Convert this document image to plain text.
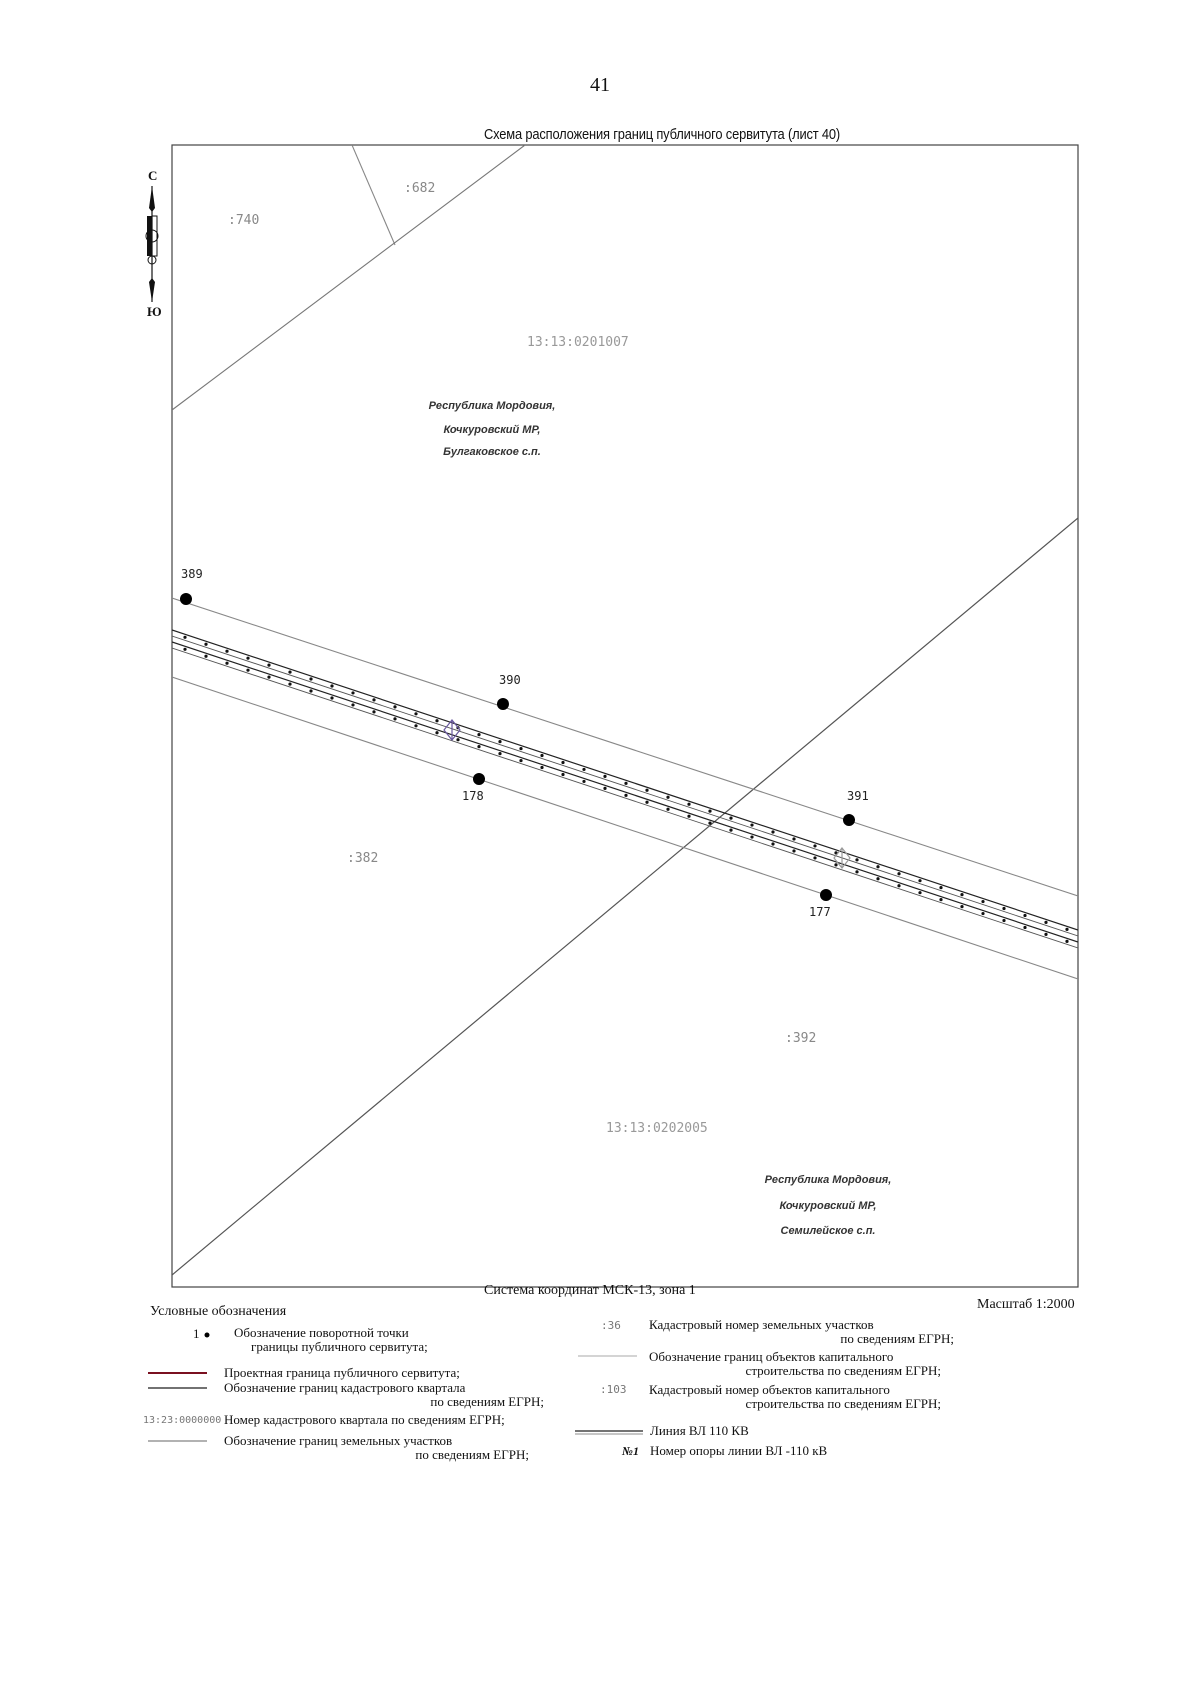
41
Схема расположения границ публичного сервитута (лист 40)
389
390
391
178
177
:740
:682
:382
:392
13:13:0201007
13:13:0202005
Республика Мордовия,
Кочкуровский МР,
Булгаковское с.п.
Республика Мордовия,
Кочкуровский МР,
Семилейское с.п.
С
Ю
Система координат МСК-13, зона 1
Масштаб 1:2000
Условные обозначения
1	Обозначение поворотной точки
границы публичного сервитута;
Проектная граница публичного сервитута;
Обозначение границ кадастрового квартала
по сведениям ЕГРН;
13:23:0000000 Номер кадастрового квартала по сведениям ЕГРН;
Обозначение границ земельных участков
по сведениям ЕГРН;
:36 Кадастровый номер земельных участков
по сведениям ЕГРН;
Обозначение границ объектов капитального
строительства по сведениям ЕГРН;
:103 Кадастровый номер объектов капитального
строительства по сведениям ЕГРН;
Линия ВЛ 110 КВ
№1 Номер опоры линии ВЛ -110 кВ
